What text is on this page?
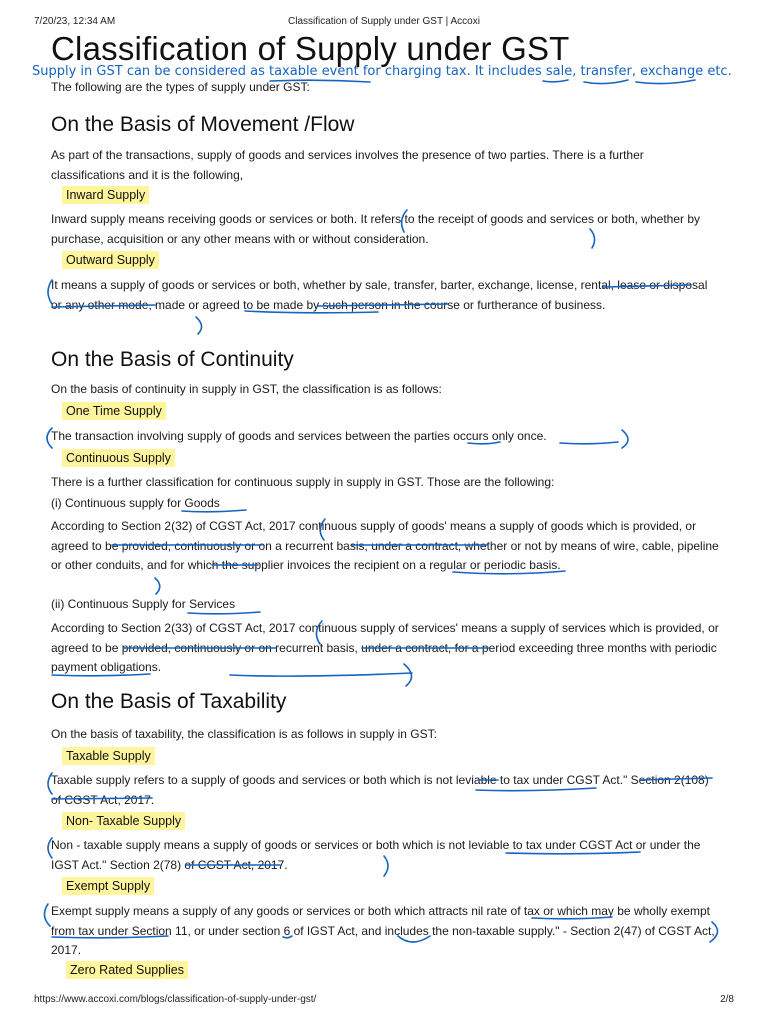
7/20/23, 12:34 AM	Classification of Supply under GST | Accoxi
Classification of Supply under GST
Supply in GST can be considered as taxable event for charging tax. It includes sale, transfer, exchange etc.

The following are the types of supply under GST:

On the Basis of Movement /Flow

As part of the transactions, supply of goods and services involves the presence of two parties. There is a further classifications and it is the following,

Inward Supply

Inward supply means receiving goods or services or both. It refers to the receipt of goods and services or both, whether by purchase, acquisition or any other means with or without consideration.

Outward Supply

It means a supply of goods or services or both, whether by sale, transfer, barter, exchange, license, rental, lease or disposal or any other mode, made or agreed to be made by such person in the course or furtherance of business.

On the Basis of Continuity

On the basis of continuity in supply in GST, the classification is as follows:

One Time Supply

The transaction involving supply of goods and services between the parties occurs only once.

Continuous Supply

There is a further classification for continuous supply in supply in GST. Those are the following:

(i) Continuous supply for Goods

According to Section 2(32) of CGST Act, 2017 continuous supply of goods' means a supply of goods which is provided, or agreed to be provided, continuously or on a recurrent basis, under a contract, whether or not by means of wire, cable, pipeline or other conduits, and for which the supplier invoices the recipient on a regular or periodic basis.

(ii) Continuous Supply for Services

According to Section 2(33) of CGST Act, 2017 continuous supply of services' means a supply of services which is provided, or agreed to be provided, continuously or on recurrent basis, under a contract, for a period exceeding three months with periodic payment obligations.

On the Basis of Taxability

On the basis of taxability, the classification is as follows in supply in GST:

Taxable Supply

Taxable supply refers to a supply of goods and services or both which is not leviable to tax under CGST Act." Section 2(108) of CGST Act, 2017.

Non- Taxable Supply

Non - taxable supply means a supply of goods or services or both which is not leviable to tax under CGST Act or under the IGST Act." Section 2(78) of CGST Act, 2017.

Exempt Supply

Exempt supply means a supply of any goods or services or both which attracts nil rate of tax or which may be wholly exempt from tax under Section 11, or under section 6 of IGST Act, and includes the non-taxable supply." - Section 2(47) of CGST Act, 2017.

Zero Rated Supplies
https://www.accoxi.com/blogs/classification-of-supply-under-gst/	2/8
